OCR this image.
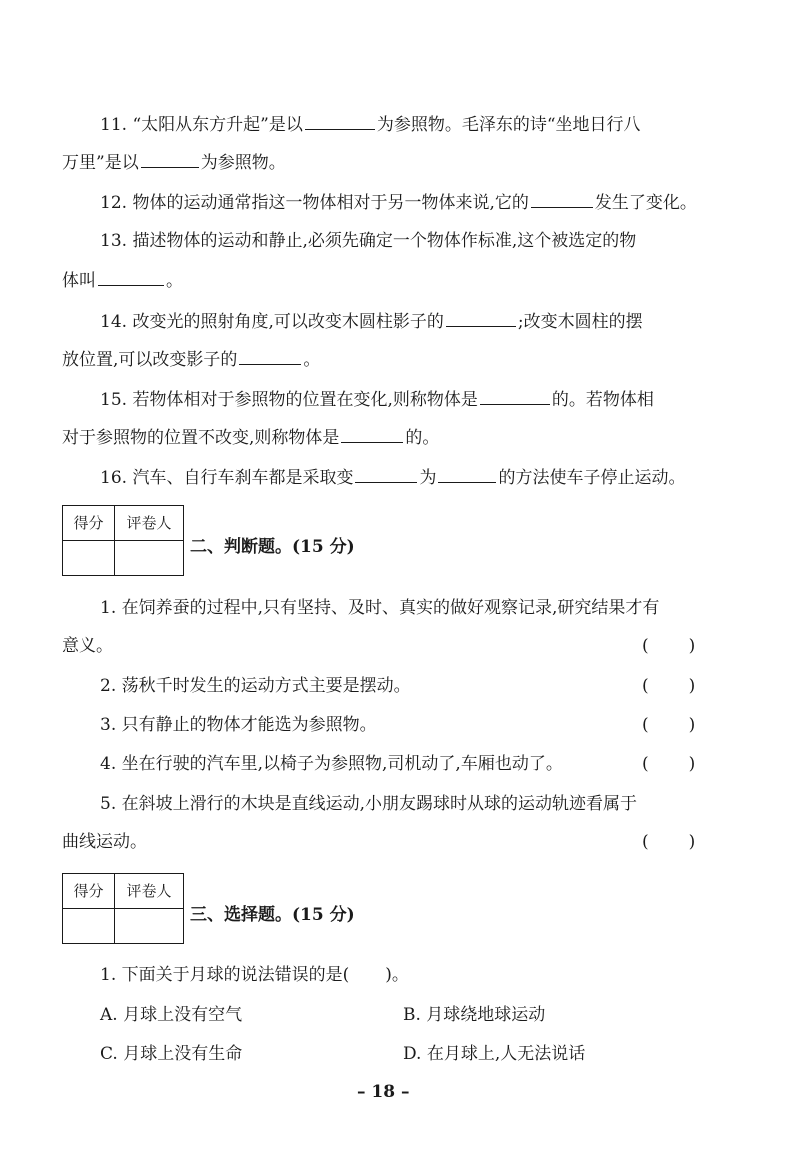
11. “太阳从东方升起”是以	为参照物。毛泽东的诗“坐地日行八
万里”是以	为参照物。
12. 物体的运动通常指这一物体相对于另一物体来说,它的	发生了变化。
13. 描述物体的运动和静止,必须先确定一个物体作标准,这个被选定的物
体叫	。
14. 改变光的照射角度,可以改变木圆柱影子的	;改变木圆柱的摆
放位置,可以改变影子的	。
15. 若物体相对于参照物的位置在变化,则称物体是	的。若物体相
对于参照物的位置不改变,则称物体是	的。
16. 汽车、自行车刹车都是采取变	为	的方法使车子停止运动。
得分	评卷人

二、判断题。(15 分)
1. 在饲养蚕的过程中,只有坚持、及时、真实的做好观察记录,研究结果才有
意义。	( )
2. 荡秋千时发生的运动方式主要是摆动。	( )
3. 只有静止的物体才能选为参照物。	( )
4. 坐在行驶的汽车里,以椅子为参照物,司机动了,车厢也动了。	( )
5. 在斜坡上滑行的木块是直线运动,小朋友踢球时从球的运动轨迹看属于
曲线运动。	( )
得分	评卷人

三、选择题。(15 分)
1. 下面关于月球的说法错误的是( )。
A. 月球上没有空气	B. 月球绕地球运动
C. 月球上没有生命	D. 在月球上,人无法说话
– 18 –
